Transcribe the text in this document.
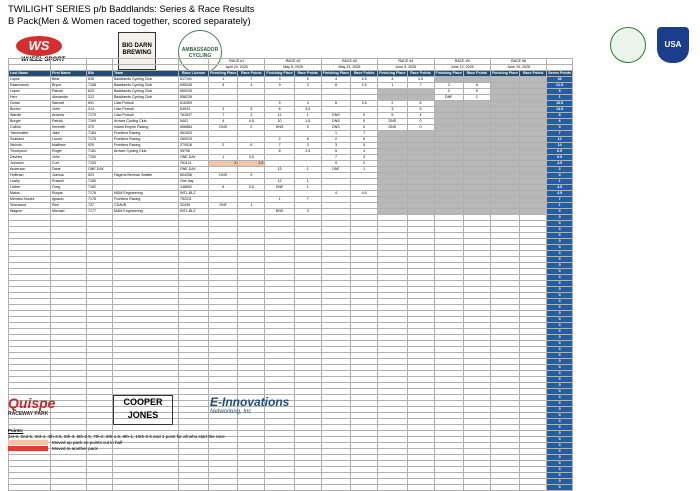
TWILIGHT SERIES p/b Baddlands: Series & Race Results
B Pack(Men & Women raced together, scored separately)
WS
WHEEL SPORT
BIG DARN BREWING	AMBASSADOR CYCLING
USA
					RACE #1		RACE #2		RACE #3		RACE #4		RACE #5		RACE #6		
					April 24, 2025		May 8, 2025		May 22, 2025		June 5, 2025		June 12, 2025		June 19, 2025		
Last Name	First Name	Bib	Team	Race License	Finishing Place	Race Points	Finishing Place	Race Points	Finishing Place	Race Points	Finishing Place	Race Points	Finishing Place	Race Points	Finishing Place	Race Points	Series Points
Lopez	Bear	635	Baddlands Cycling Club	617191	1	7	3	5	4	4.5	4	4.5					33
Rasmussen	Bryce	7168	Baddlands Cycling Club	659245	5	4	9	2	8	2.5	1	7	2	6			21.5
Lopez	Patrick	623	Baddlands Cycling Club	659245									3	5			5
Herr	Alexander	312	Baddlands Cycling Club	556226									DNF	1			1
Goran	Samuel	691	Lilac Pursuit	616309			5	4	6	3.5	2	6					13.5
Burton	John	314	Lilac Pursuit	63923	3	5	6	3.5			3	5					13.5
Wardle	Andrew	7170	Lilac Pursuit	761537	7	3	11	1	DNS	0	5	4					8
Burger	Patrick	7169	Arrivee Cycling Club	5401	4	4.5	10	1.5	DNS	0	DNS	0					6
Collins	Kenneth	370	Inland Empire Racing	656884	DNS	0	DNS	0	DNS	0	DNS	0					0
Yahnmatter	Jake	7184	Frontiers Racing	561003					1	7							7
Scariano	Lucca	7175	Frontiers Racing	260919			2	6	2	6							12
Nichols	Matthew	929	Frontiers Racing	270026	2	6	7	3	3	5							14
Thompson	Roger	7181	Arrivee Cycling Club	95796			8	2.5	5	4							6.5
Devries	John	7150		ONE DAY	1	3.5			7	3							6.5
Johnson	Curt	7153		761114	3	2.5			9	2							4.5
Anderson	Dane	ONE DAY		ONE DAY			13	1	DNF	1							2
Hoffman	Joshua	523	Hagens Berman Seattle	604256	DNS	0											0
Leahy	Russell	7180		One day			12	1									1
Luther	Greg	7162		148652	6	3.5	DNF	1									4.5
Matus	Roque	7176	M&M Engineering	INTL-BLZ					4	4.5							4.5
Mendez-Nunez	Ignacio	7178	Frontiers Racing	752211			1	7									7
Sherwood	Rich	737	CDAVB	32439	DNF	1											1
Wagner	Michael	7177	M&M Engineering	INTL-BLZ			DNS	0									0
																	0
																	0
																	0
																	0
																	0
																	0
																	0
																	0
																	0
																	0
																	0
																	0
																	0
																	0
																	0
																	0
																	0
																	0
																	0
																	0
																	0
																	0
																	0
																	0
																	0
																	0
																	0
																	0
																	0
																	0
																	0
																	0
																	0
																	0
																	0
																	0
																	0
																	0
																	0
																	0
																	0
																	0
																	0
																	0
																	0
																	0
Quispe
RACEWAY PARK
COOPER JONES
E-Innovations
Networking, Inc
Points:
1st-8, 2nd-5, 3rd-4, 4th-3.5, 5th-3, 6th-2.5, 7th-2, 8th-1.5, 9th-1, 10th-0.5 and 1 point for all who start the race
Moved up pack so points cut in half
Moved to another pack
